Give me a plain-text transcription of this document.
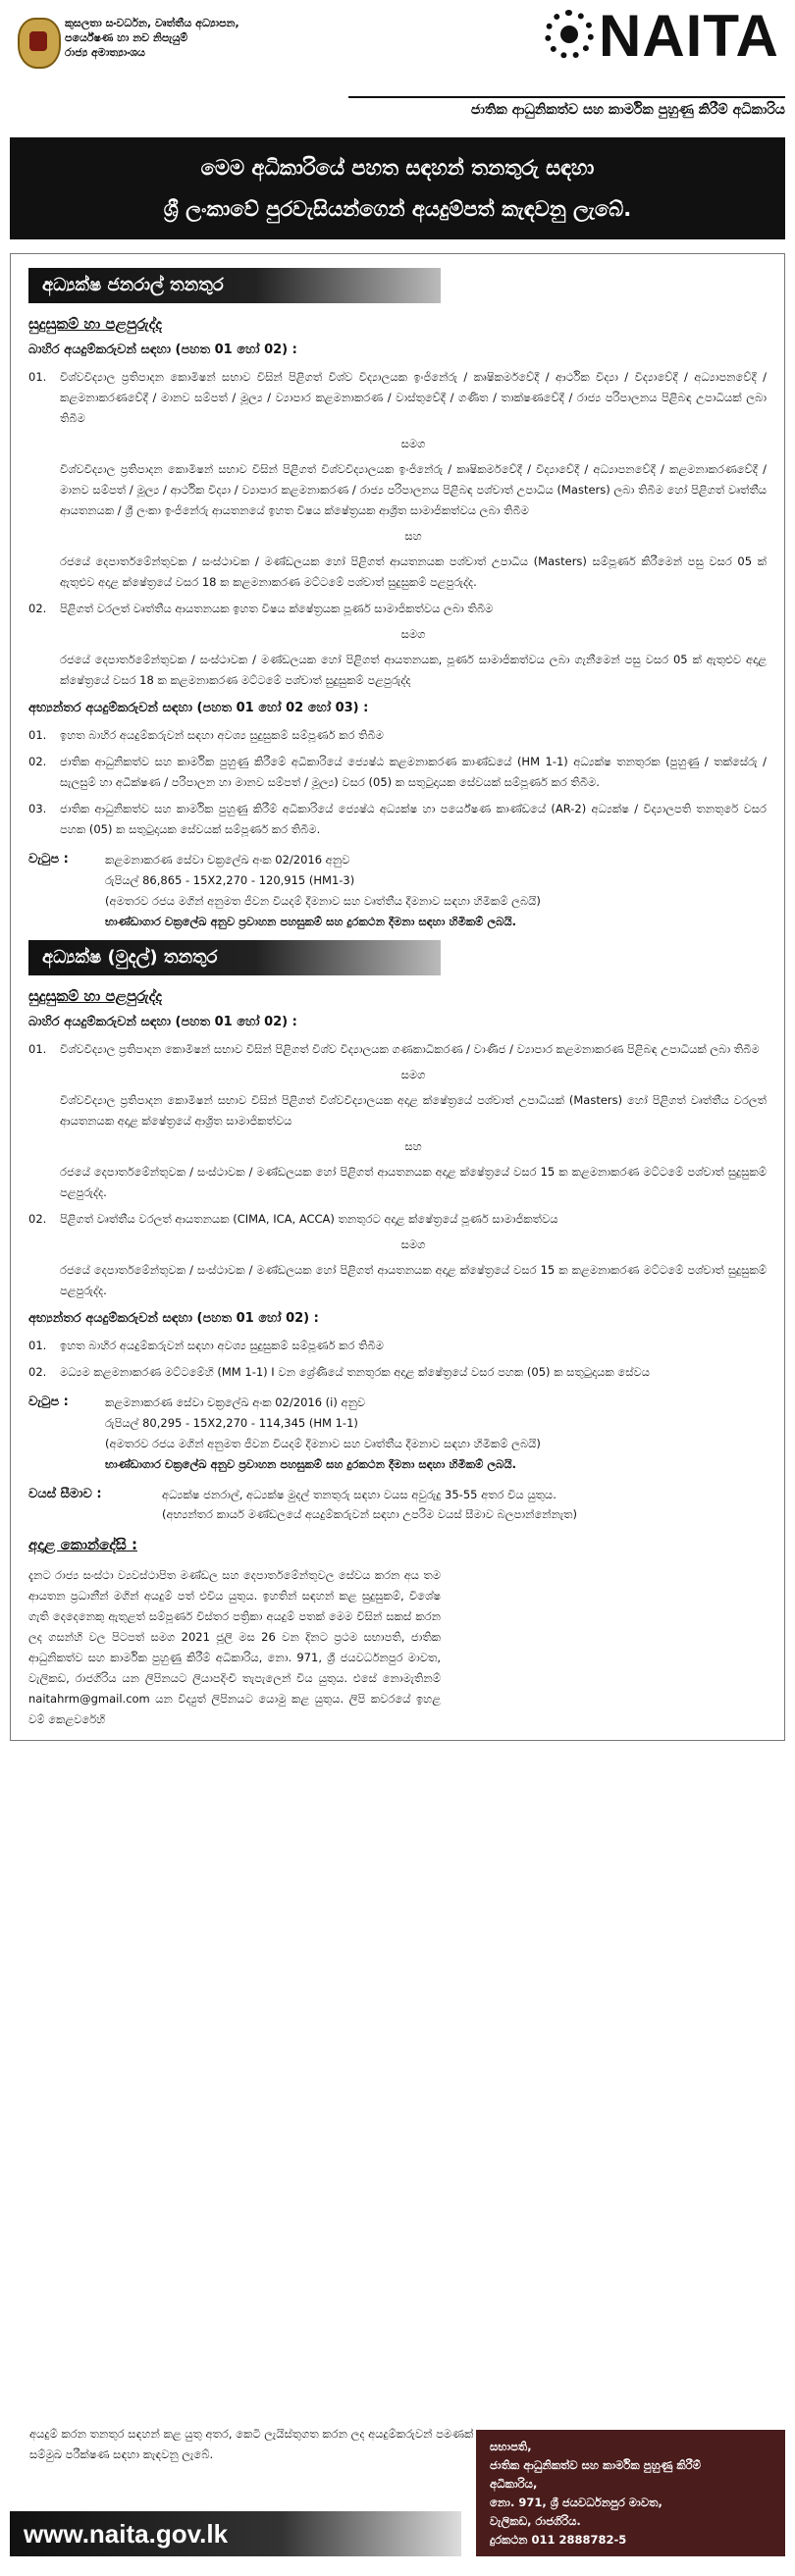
කුසලතා සංවර්ධන, වෘත්තීය අධ්‍යාපන,
පර්යේෂණ හා නව නිපැයුම්
රාජ්‍ය අමාත්‍යාංශය	NAITA
ජාතික ආධුනිකත්ව සහ කාර්මික පුහුණු කිරීම් අධිකාරිය
මෙම අධිකාරියේ පහත සඳහන් තනතුරු සඳහා
ශ්‍රී ලංකාවේ පුරවැසියන්ගෙන් අයදුම්පත් කැඳවනු ලැබේ.
අධ්‍යක්ෂ ජනරාල් තනතුර
සුදුසුකම් හා පළපුරුද්ද
බාහිර අයදුම්කරුවන් සඳහා (පහත 01 හෝ 02) :
01.	විශ්වවිද්‍යාල ප්‍රතිපාදන කොමිෂන් සභාව විසින් පිළිගත් විශ්ව විද්‍යාලයක ඉංජිනේරු / කෘෂිකර්මවේදී / ආර්ථික විද්‍යා / විද්‍යාවේදී / අධ්‍යාපනවේදී / කළමනාකරණවේදී / මානව සම්පත් / මූල්‍ය / ව්‍යාපාර කළමනාකරණ / වාස්තුවේදී / ගණිත / තාක්ෂණවේදී / රාජ්‍ය පරිපාලනය පිළිබඳ උපාධියක් ලබා තිබීම
සමග
විශ්වවිද්‍යාල ප්‍රතිපාදන කොමිෂන් සභාව විසින් පිළිගත් විශ්වවිද්‍යාලයක ඉංජිනේරු / කෘෂිකර්මවේදී / විද්‍යාවේදී / අධ්‍යාපනවේදී / කළමනාකරණවේදී / මානව සම්පත් / මූල්‍ය / ආර්ථික විද්‍යා / ව්‍යාපාර කළමනාකරණ / රාජ්‍ය පරිපාලනය පිළිබඳ පශ්චාත් උපාධිය (Masters) ලබා තිබීම හෝ පිළිගත් වෘත්තීය ආයතනයක / ශ්‍රී ලංකා ඉංජිනේරු ආයතනයේ ඉහත විෂය ක්ෂේත්‍රයක ආශ්‍රිත සාමාජිකත්වය ලබා තිබීම
සහ
රජයේ දෙපාර්තමේන්තුවක / සංස්ථාවක / මණ්ඩලයක හෝ පිළිගත් ආයතනයක පශ්චාත් උපාධිය (Masters) සම්පූර්ණ කිරීමෙන් පසු වසර 05 ක් ඇතුළුව අදාළ ක්ෂේත්‍රයේ වසර 18 ක කළමනාකරණ මට්ටමේ පශ්චාත් සුදුසුකම් පළපුරුද්ද.
02.	පිළිගත් වරලත් වෘත්තීය ආයතනයක ඉහත විෂය ක්ෂේත්‍රයක පූර්ණ සාමාජිකත්වය ලබා තිබීම
සමග
රජයේ දෙපාර්තමේන්තුවක / සංස්ථාවක / මණ්ඩලයක හෝ පිළිගත් ආයතනයක, පූර්ණ සාමාජිකත්වය ලබා ගැනීමෙන් පසු වසර 05 ක් ඇතුළුව අදාළ ක්ෂේත්‍රයේ වසර 18 ක කළමනාකරණ මට්ටමේ පශ්චාත් සුදුසුකම් පළපුරුද්ද
අභ්‍යන්තර අයදුම්කරුවන් සඳහා (පහත 01 හෝ 02 හෝ 03) :
01.	ඉහත බාහිර අයදුම්කරුවන් සඳහා අවශ්‍ය සුදුසුකම් සම්පූර්ණ කර තිබීම
02.	ජාතික ආධුනිකත්ව සහ කාර්මික පුහුණු කිරීමේ අධිකාරියේ ජ්‍යෙෂ්ඨ කළමනාකරණ කාණ්ඩයේ (HM 1-1) අධ්‍යක්ෂ තනතුරක (පුහුණු / තක්සේරු / සැලසුම් හා අධීක්ෂණ / පරිපාලන හා මානව සම්පත් / මූල්‍ය) වසර (05) ක සතුටුදායක සේවයක් සම්පූර්ණ කර තිබීම.
03.	ජාතික ආධුනිකත්ව සහ කාර්මික පුහුණු කිරීම් අධිකාරියේ ජ්‍යෙෂ්ඨ අධ්‍යක්ෂ හා පර්යේෂණ කාණ්ඩයේ (AR-2) අධ්‍යක්ෂ / විද්‍යාලපති තනතුරේ වසර පහක (05) ක සතුටුදායක සේවයක් සම්පූර්ණ කර තිබීම.
වැටුප :	කළමනාකරණ සේවා චක්‍රලේඛ අංක 02/2016 අනුව
රුපියල් 86,865 - 15X2,270 - 120,915 (HM1-3)
(අමතරව රජය මගින් අනුමත ජීවන වියදම් දීමනාව සහ වෘත්තීය දීමනාව සඳහා හිමිකම් ලබයි)
භාණ්ඩාගාර චක්‍රලේඛ අනුව ප්‍රවාහන පහසුකම් සහ දුරකථන දීමනා සඳහා හිමිකම් ලබයි.
අධ්‍යක්ෂ (මුදල්) තනතුර
සුදුසුකම් හා පළපුරුද්ද
බාහිර අයදුම්කරුවන් සඳහා (පහත 01 හෝ 02) :
01.	විශ්වවිද්‍යාල ප්‍රතිපාදන කොමිෂන් සභාව විසින් පිළිගත් විශ්ව විද්‍යාලයක ගණකාධිකරණ / වාණිජ / ව්‍යාපාර කළමනාකරණ පිළිබඳ උපාධියක් ලබා තිබීම
සමග
විශ්වවිද්‍යාල ප්‍රතිපාදන කොමිෂන් සභාව විසින් පිළිගත් විශ්වවිද්‍යාලයක අදාළ ක්ෂේත්‍රයේ පශ්චාත් උපාධියක් (Masters) හෝ පිළිගත් වෘත්තීය වරලත් ආයතනයක අදාළ ක්ෂේත්‍රයේ ආශ්‍රිත සාමාජිකත්වය
සහ
රජයේ දෙපාර්තමේන්තුවක / සංස්ථාවක / මණ්ඩලයක හෝ පිළිගත් ආයතනයක අදාළ ක්ෂේත්‍රයේ වසර 15 ක කළමනාකරණ මට්ටමේ පශ්චාත් සුදුසුකම් පළපුරුද්ද.
02.	පිළිගත් වෘත්තීය වරලත් ආයතනයක (CIMA, ICA, ACCA) තනතුරට අදාළ ක්ෂේත්‍රයේ පූර්ණ සාමාජිකත්වය
සමග
රජයේ දෙපාර්තමේන්තුවක / සංස්ථාවක / මණ්ඩලයක හෝ පිළිගත් ආයතනයක අදාළ ක්ෂේත්‍රයේ වසර 15 ක කළමනාකරණ මට්ටමේ පශ්චාත් සුදුසුකම් පළපුරුද්ද.
අභ්‍යන්තර අයදුම්කරුවන් සඳහා (පහත 01 හෝ 02) :
01.	ඉහත බාහිර අයදුම්කරුවන් සඳහා අවශ්‍ය සුදුසුකම් සම්පූර්ණ කර තිබීම
02.	මධ්‍යම කළමනාකරණ මට්ටමේහි (MM 1-1) I වන ශ්‍රේණියේ තනතුරක අදාළ ක්ෂේත්‍රයේ වසර පහක (05) ක සතුටුදායක සේවය
වැටුප :	කළමනාකරණ සේවා චක්‍රලේඛ අංක 02/2016 (i) අනුව
රුපියල් 80,295 - 15X2,270 - 114,345 (HM 1-1)
(අමතරව රජය මගින් අනුමත ජීවන වියදම් දීමනාව සහ වෘත්තීය දීමනාව සඳහා හිමිකම් ලබයි)
භාණ්ඩාගාර චක්‍රලේඛ අනුව ප්‍රවාහන පහසුකම් සහ දුරකථන දීමනා සඳහා හිමිකම් ලබයි.
වයස් සීමාව :	අධ්‍යක්ෂ ජනරාල්, අධ්‍යක්ෂ මුදල් තනතුරු සඳහා වයස අවුරුදු 35-55 අතර විය යුතුය.
(අභ්‍යන්තර කාර්ය මණ්ඩලයේ අයදුම්කරුවන් සඳහා උපරිම වයස් සීමාව බලපාන්නේනැත)
අදාළ කොන්දේසි :
දැනට රාජ්‍ය සංස්ථා ව්‍යවස්ථාපිත මණ්ඩල සහ දෙපාර්තමේන්තුවල සේවය කරන අය තම ආයතන ප්‍රධානීන් මගින් අයදුම් පත් එවිය යුතුය. ඉහතින් සඳහන් කළ සුදුසුකම්, විශේෂ ගැති දෙදෙනෙකු ඇතුළත් සම්පූර්ණ විස්තර පත්‍රිකා අයදුම් පතක් මෙම විසින් සකස් කරන ලද ගසන්හි වල පිටපත් සමග 2021 ජූලි මස 26 වන දිනට ප්‍රථම සභාපති, ජාතික ආධුනිකත්ව සහ කාර්මික පුහුණු කිරීම් අධිකාරිය, නො. 971, ශ්‍රී ජයවර්ධනපුර මාවත, වැලිකඩ, රාජගිරිය යන ලිපිනයට ලියාපදිංචි තැපැලෙන් විය යුතුය. එසේ නොමැතිනම් naitahrm@gmail.com යන විද්‍යුත් ලිපිනයට යොමු කළ යුතුය. ලිපි කවරයේ ඉහළ වම් කෙළවරේහි
අයදුම් කරන තනතුර සඳහන් කළ යුතු අතර, කෙටි ලැයිස්තුගත කරන ලද අයදුම්කරුවන් පමණක් සම්මුඛ පරීක්ෂණ සඳහා කැඳවනු ලැබේ.
www.naita.gov.lk
සභාපති,
ජාතික ආධුනිකත්ව සහ කාර්මික පුහුණු කිරීම්
අධිකාරිය,
නො. 971, ශ්‍රී ජයවර්ධනපුර මාවත,
වැලිකඩ, රාජගිරිය.
දුරකථන 011 2888782-5
